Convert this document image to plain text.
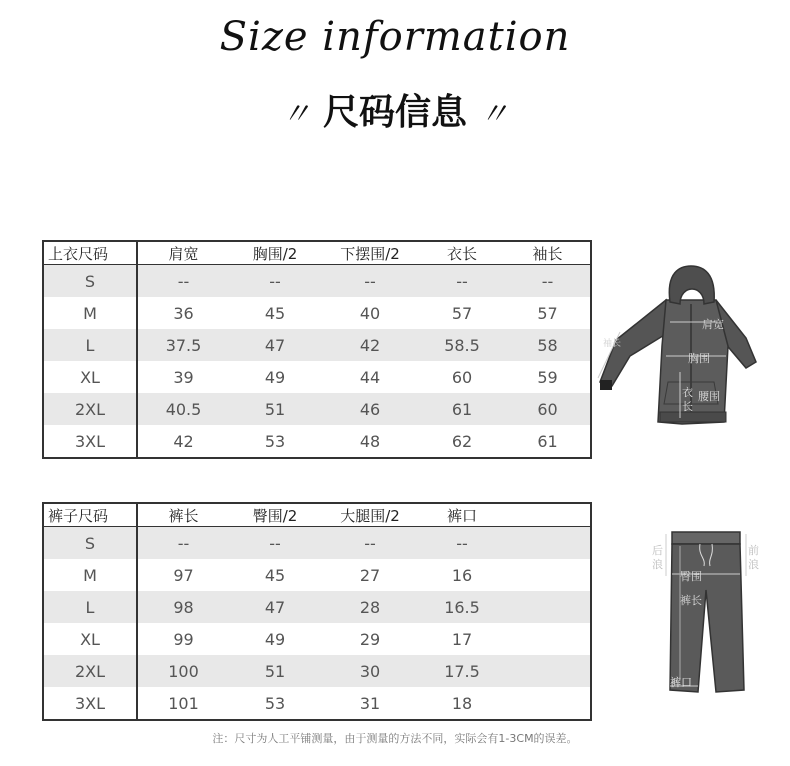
Size information
〃 尺码信息 〃
上衣尺码	肩宽	胸围/2	下摆围/2	衣长	袖长
S	--	--	--	--	--
M	36	45	40	57	57
L	37.5	47	42	58.5	58
XL	39	49	44	60	59
2XL	40.5	51	46	61	60
3XL	42	53	48	62	61
裤子尺码	裤长	臀围/2	大腿围/2	裤口	
S	--	--	--	--	
M	97	45	27	16	
L	98	47	28	16.5	
XL	99	49	29	17	
2XL	100	51	30	17.5	
3XL	101	53	31	18	
袖长
肩宽
胸围
衣
长
腰围
后
浪
前
浪
臀围
裤长
裤口
注：尺寸为人工平铺测量，由于测量的方法不同，实际会有1-3CM的误差。
